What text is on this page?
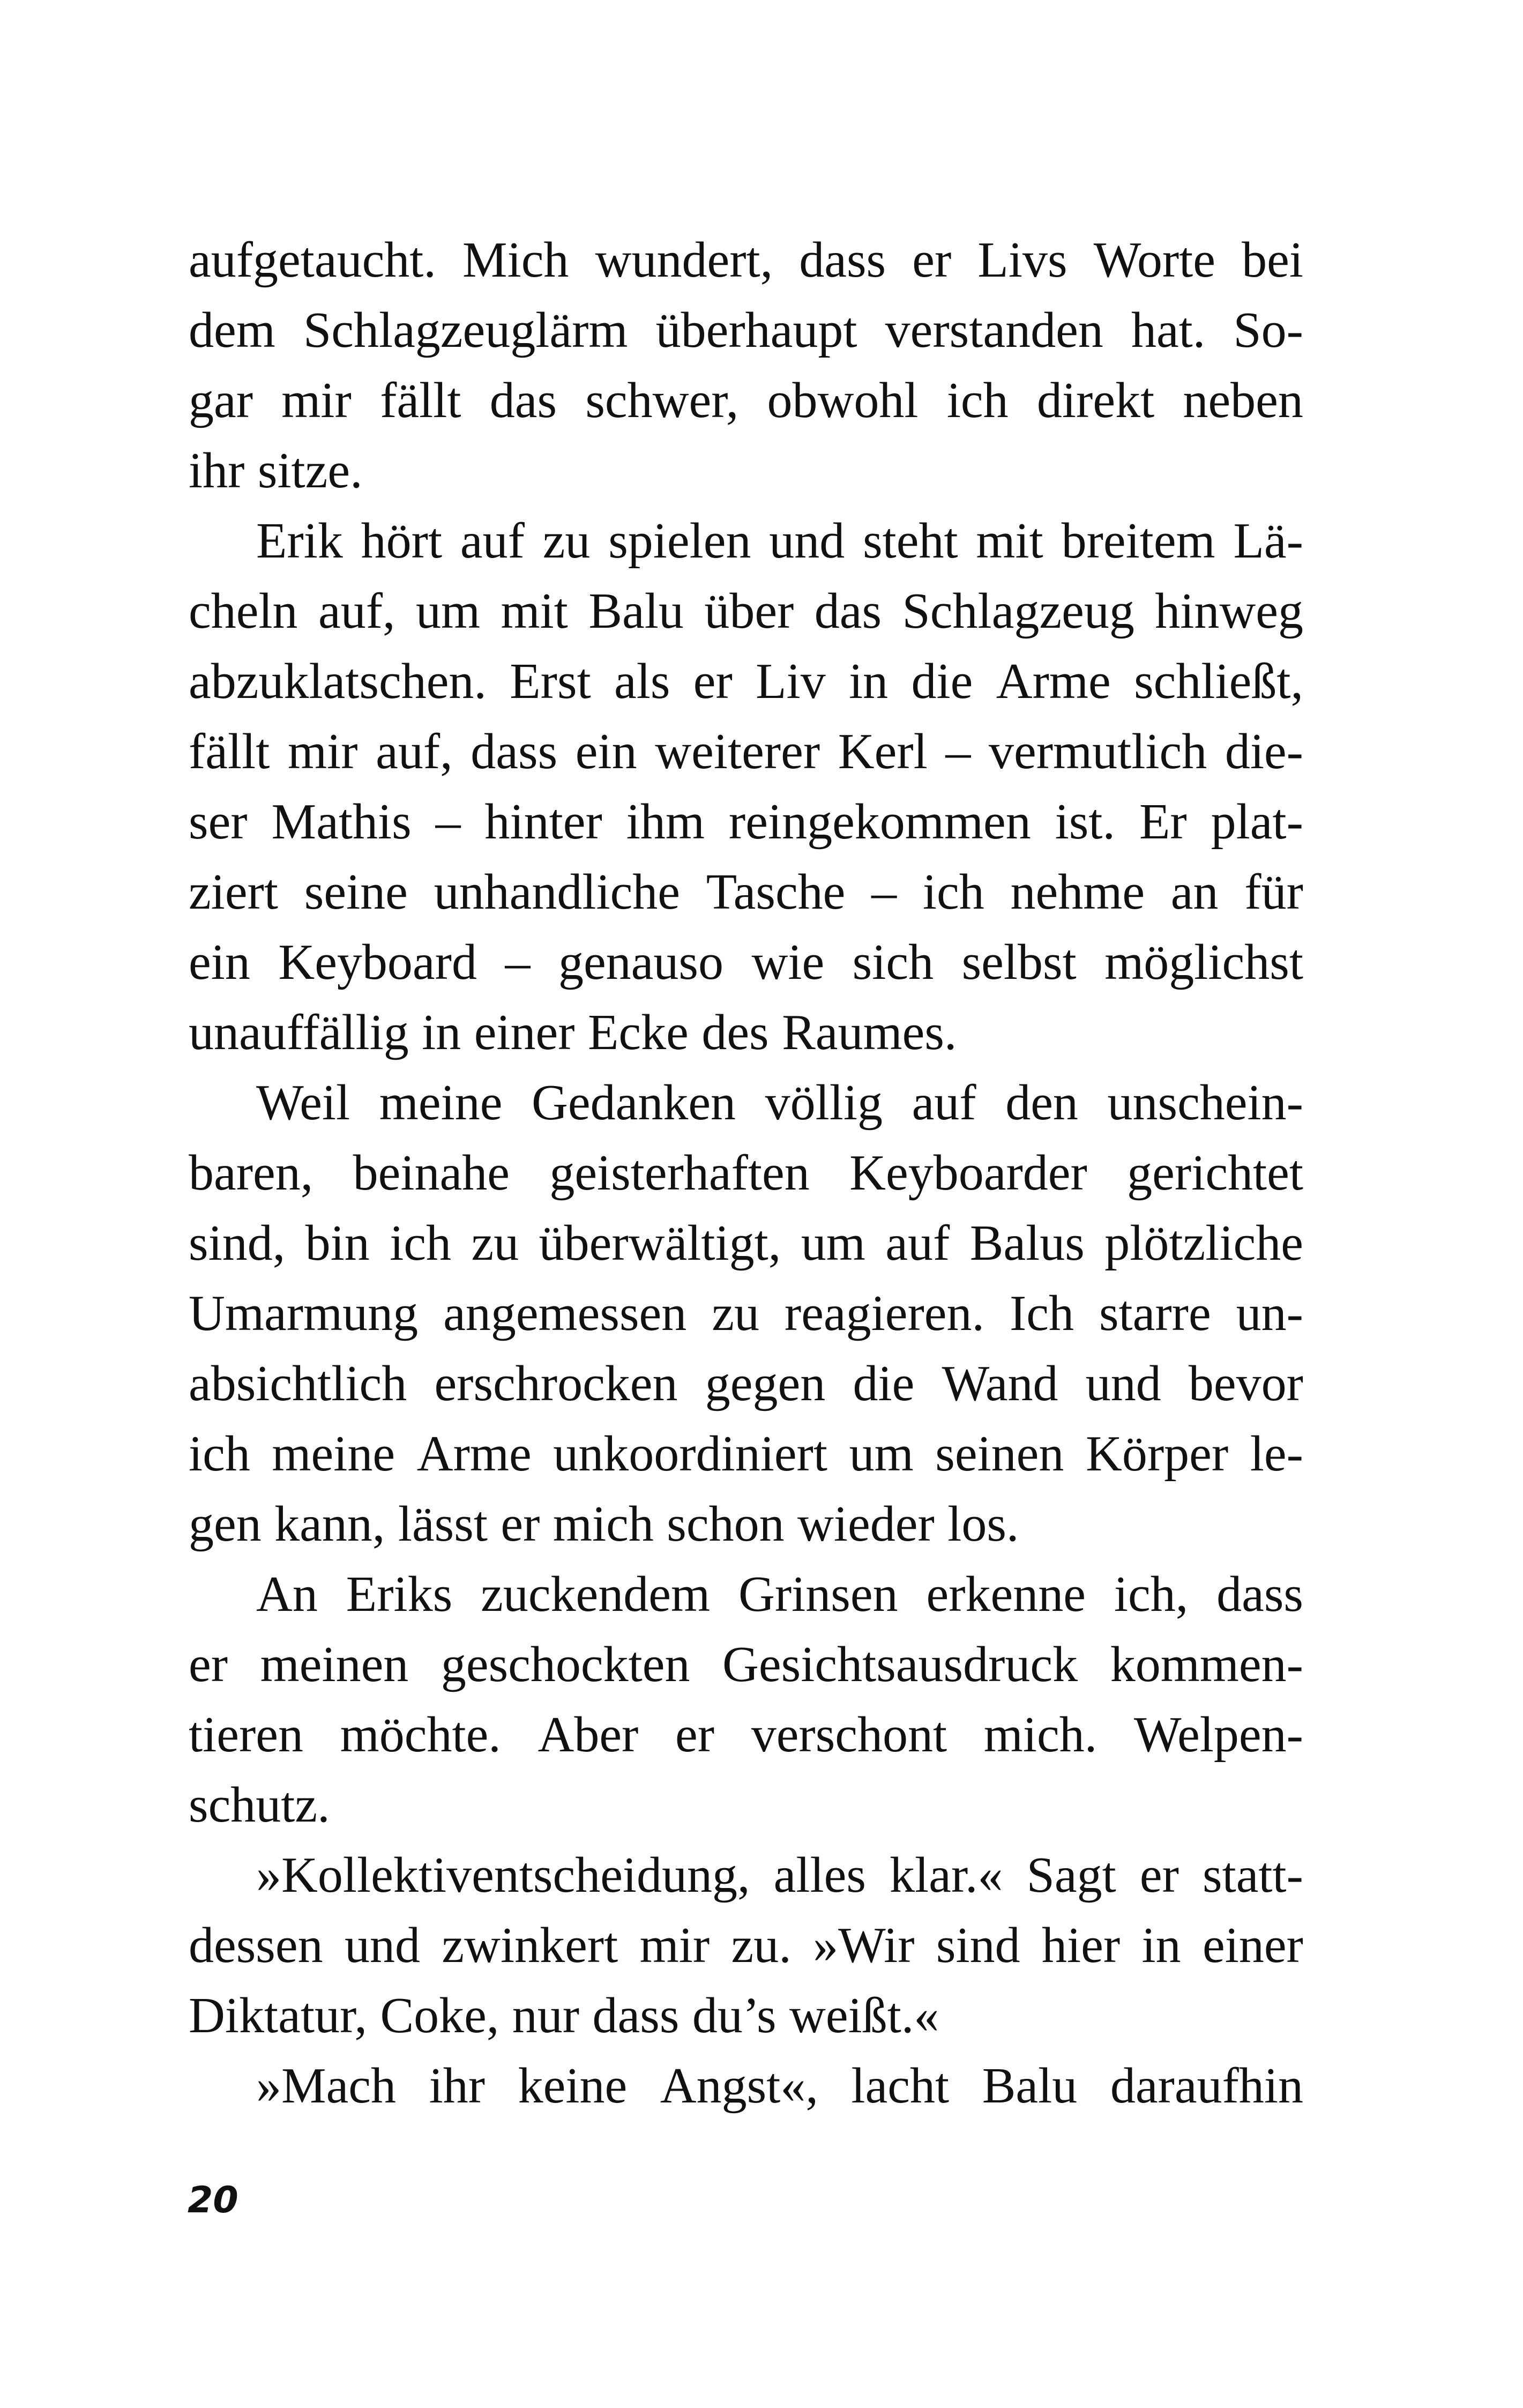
aufgetaucht. Mich wundert, dass er Livs Worte bei
dem Schlagzeuglärm überhaupt verstanden hat. So-
gar mir fällt das schwer, obwohl ich direkt neben
ihr sitze.
Erik hört auf zu spielen und steht mit breitem Lä-
cheln auf, um mit Balu über das Schlagzeug hinweg
abzuklatschen. Erst als er Liv in die Arme schließt,
fällt mir auf, dass ein weiterer Kerl – vermutlich die-
ser Mathis – hinter ihm reingekommen ist. Er plat-
ziert seine unhandliche Tasche – ich nehme an für
ein Keyboard – genauso wie sich selbst möglichst
unauffällig in einer Ecke des Raumes.
Weil meine Gedanken völlig auf den unschein-
baren, beinahe geisterhaften Keyboarder gerichtet
sind, bin ich zu überwältigt, um auf Balus plötzliche
Umarmung angemessen zu reagieren. Ich starre un-
absichtlich erschrocken gegen die Wand und bevor
ich meine Arme unkoordiniert um seinen Körper le-
gen kann, lässt er mich schon wieder los.
An Eriks zuckendem Grinsen erkenne ich, dass
er meinen geschockten Gesichtsausdruck kommen-
tieren möchte. Aber er verschont mich. Welpen-
schutz.
»Kollektiventscheidung, alles klar.« Sagt er statt-
dessen und zwinkert mir zu. »Wir sind hier in einer
Diktatur, Coke, nur dass du’s weißt.«
»Mach ihr keine Angst«, lacht Balu daraufhin
20
